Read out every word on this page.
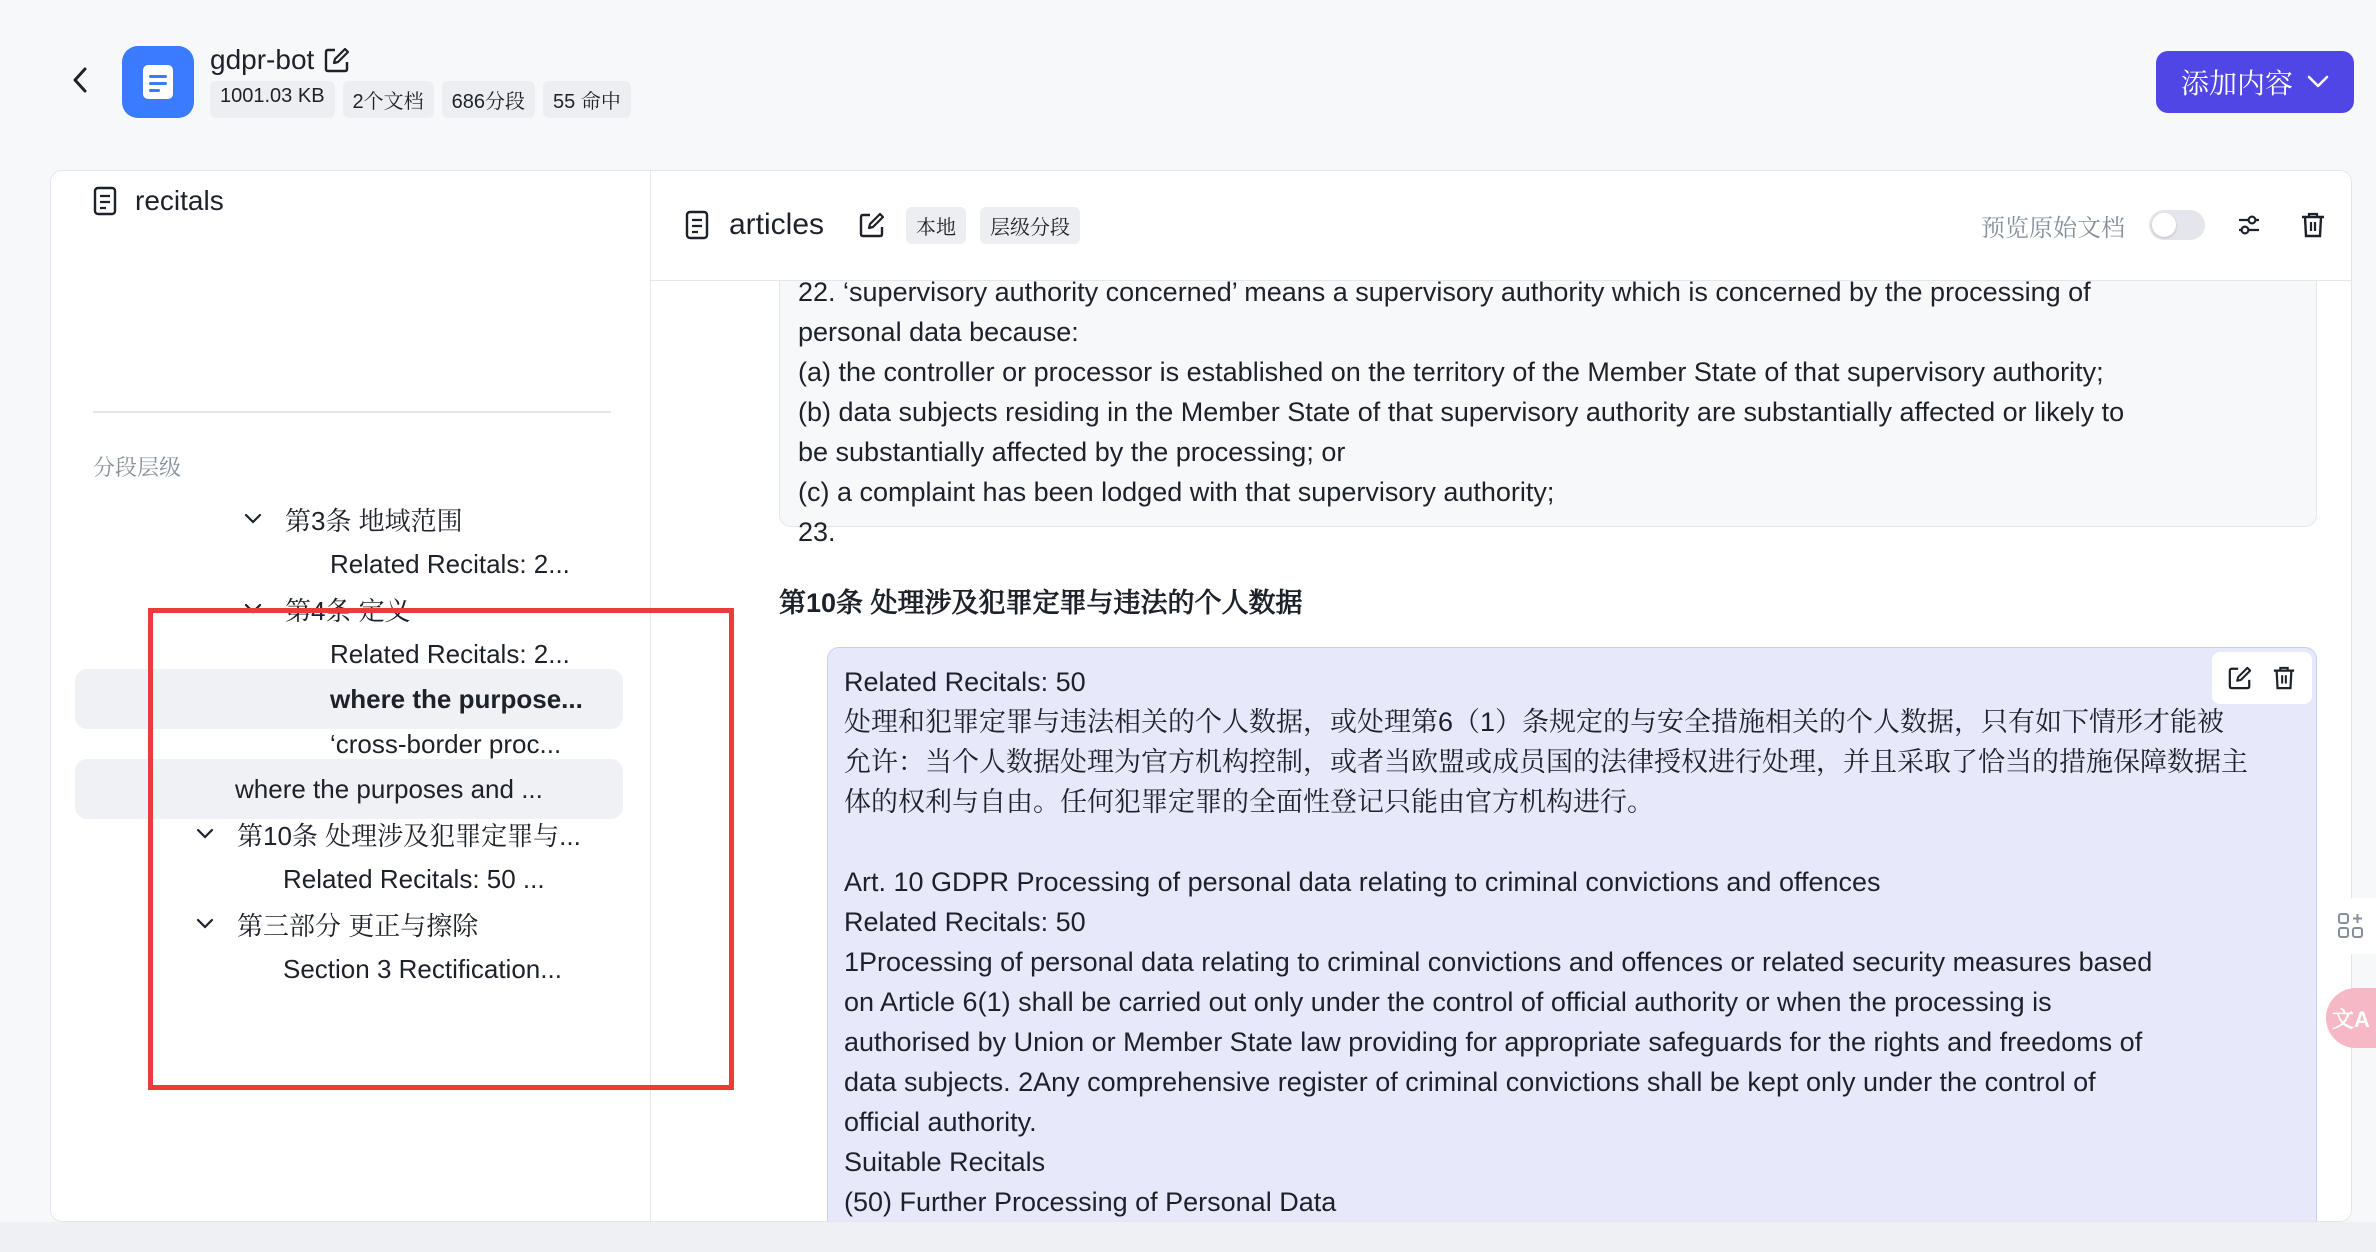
gdpr-bot
1001.03 KB	2个文档	686分段	55 命中
添加内容
recitals
分段层级
第3条 地域范围
Related Recitals: 2...
第4条 定义
Related Recitals: 2...
where the purpose...
‘cross-border proc...
where the purposes and ...
第10条 处理涉及犯罪定罪与...
Related Recitals: 50 ...
第三部分 更正与擦除
Section 3 Rectification...
articles	本地	层级分段	预览原始文档
22. ‘supervisory authority concerned’ means a supervisory authority which is concerned by the processing of
personal data because:
(a) the controller or processor is established on the territory of the Member State of that supervisory authority;
(b) data subjects residing in the Member State of that supervisory authority are substantially affected or likely to
be substantially affected by the processing; or
(c) a complaint has been lodged with that supervisory authority;
23.
第10条 处理涉及犯罪定罪与违法的个人数据
Related Recitals: 50
处理和犯罪定罪与违法相关的个人数据，或处理第6（1）条规定的与安全措施相关的个人数据，只有如下情形才能被
允许：当个人数据处理为官方机构控制，或者当欧盟或成员国的法律授权进行处理，并且采取了恰当的措施保障数据主
体的权利与自由。任何犯罪定罪的全面性登记只能由官方机构进行。
Art. 10 GDPR Processing of personal data relating to criminal convictions and offences
Related Recitals: 50
1Processing of personal data relating to criminal convictions and offences or related security measures based
on Article 6(1) shall be carried out only under the control of official authority or when the processing is
authorised by Union or Member State law providing for appropriate safeguards for the rights and freedoms of
data subjects. 2Any comprehensive register of criminal convictions shall be kept only under the control of
official authority.
Suitable Recitals
(50) Further Processing of Personal Data
文A
